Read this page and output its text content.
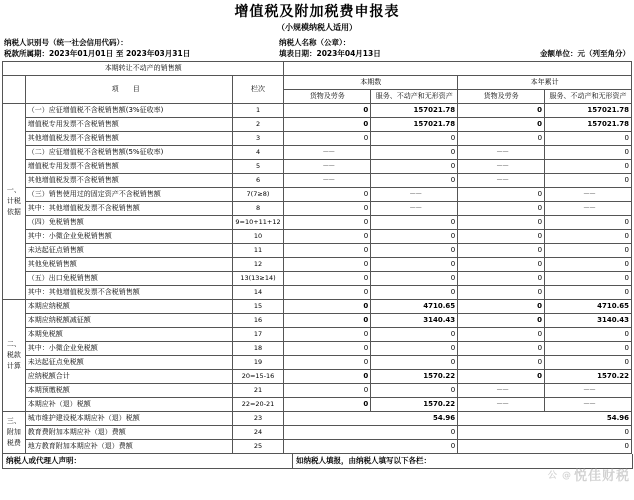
增值税及附加税费申报表
（小规模纳税人适用）
纳税人识别号（统一社会信用代码）：	纳税人名称（公章）：
税款所属期：2023年01月01日 至 2023年03月31日	填表日期：2023年04月13日	金额单位：元（列至角分）
本期转让不动产的销售额						
	项 目	栏次	本期数		本年累计	
			货物及劳务	服务、不动产和无形资产	货物及劳务	服务、不动产和无形资产

一、
计税
依据	（一）应征增值税不含税销售额(3%征收率)	1	0	157021.78	0	157021.78
	增值税专用发票不含税销售额	2	0	157021.78	0	157021.78
	其他增值税发票不含税销售额	3	0	0	0	0
	（二）应征增值税不含税销售额(5%征收率)	4	－－	0	－－	0
	增值税专用发票不含税销售额	5	－－	0	－－	0
	其他增值税发票不含税销售额	6	－－	0	－－	0
	（三）销售使用过的固定资产不含税销售额	7(7≥8)	0	－－	0	－－
	其中：其他增值税发票不含税销售额	8	0	－－	0	－－
	（四）免税销售额	9=10+11+12	0	0	0	0
	其中：小微企业免税销售额	10	0	0	0	0
	未达起征点销售额	11	0	0	0	0
	其他免税销售额	12	0	0	0	0
	（五）出口免税销售额	13(13≥14)	0	0	0	0
	其中：其他增值税发票不含税销售额	14	0	0	0	0

二、
税款
计算	本期应纳税额	15	0	4710.65	0	4710.65
	本期应纳税额减征额	16	0	3140.43	0	3140.43
	本期免税额	17	0	0	0	0
	其中：小微企业免税额	18	0	0	0	0
	未达起征点免税额	19	0	0	0	0
	应纳税额合计	20=15-16	0	1570.22	0	1570.22
	本期预缴税额	21	0	0	－－	－－
	本期应补（退）税额	22=20-21	0	1570.22	－－	－－

三、
附加
税费	城市维护建设税本期应补（退）税额	23	54.96		54.96	
	教育费附加本期应补（退）费额	24	0		0	
	地方教育附加本期应补（退）费额	25	0		0	
纳税人或代理人声明：	如纳税人填报，由纳税人填写以下各栏：
公 @ 悦佳财税
